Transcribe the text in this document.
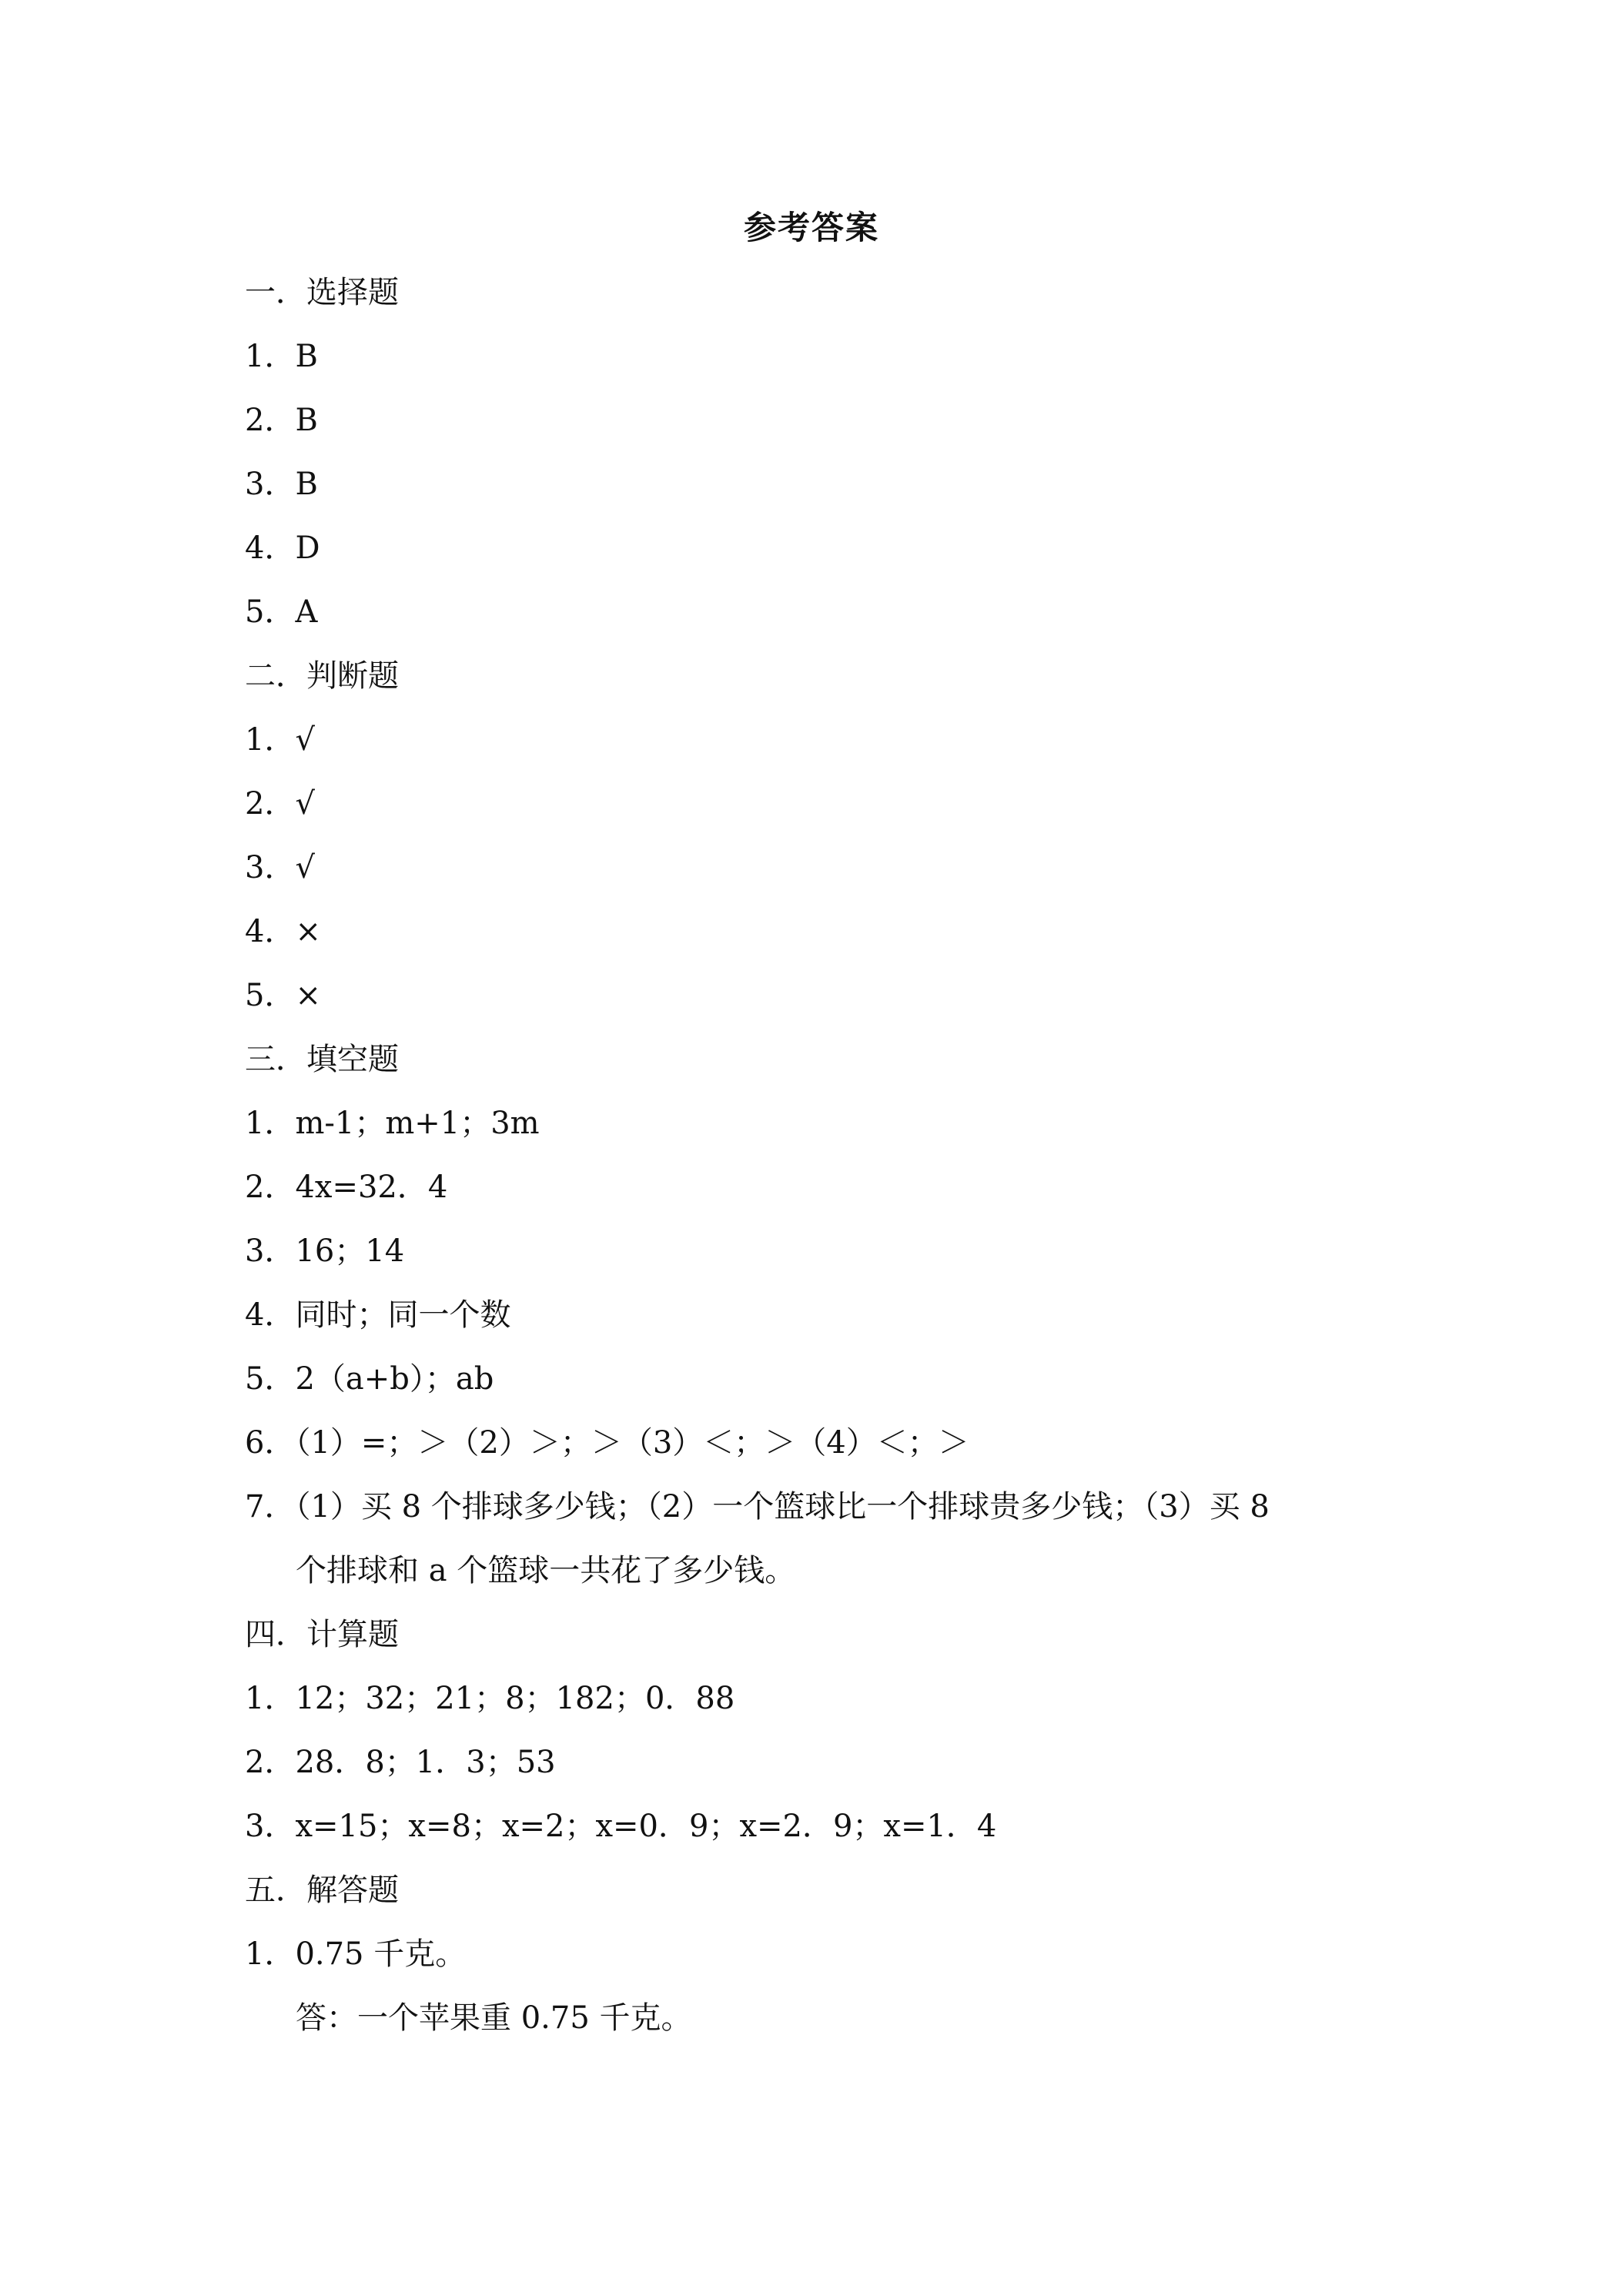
参考答案
一．选择题
1．B
2．B
3．B
4．D
5．A
二．判断题
1．√
2．√
3．√
4．×
5．×
三．填空题
1．m-1；m+1；3m
2．4x=32．4
3．16；14
4．同时；同一个数
5．2（a+b）；ab
6．（1）=；＞（2）＞；＞（3）＜；＞（4）＜；＞
7．（1）买 8 个排球多少钱；（2）一个篮球比一个排球贵多少钱；（3）买 8
个排球和 a 个篮球一共花了多少钱。
四．计算题
1．12；32；21；8；182；0．88
2．28．8；1．3；53
3．x=15；x=8；x=2；x=0．9；x=2．9；x=1．4
五．解答题
1．0.75 千克。
答：一个苹果重 0.75 千克。
